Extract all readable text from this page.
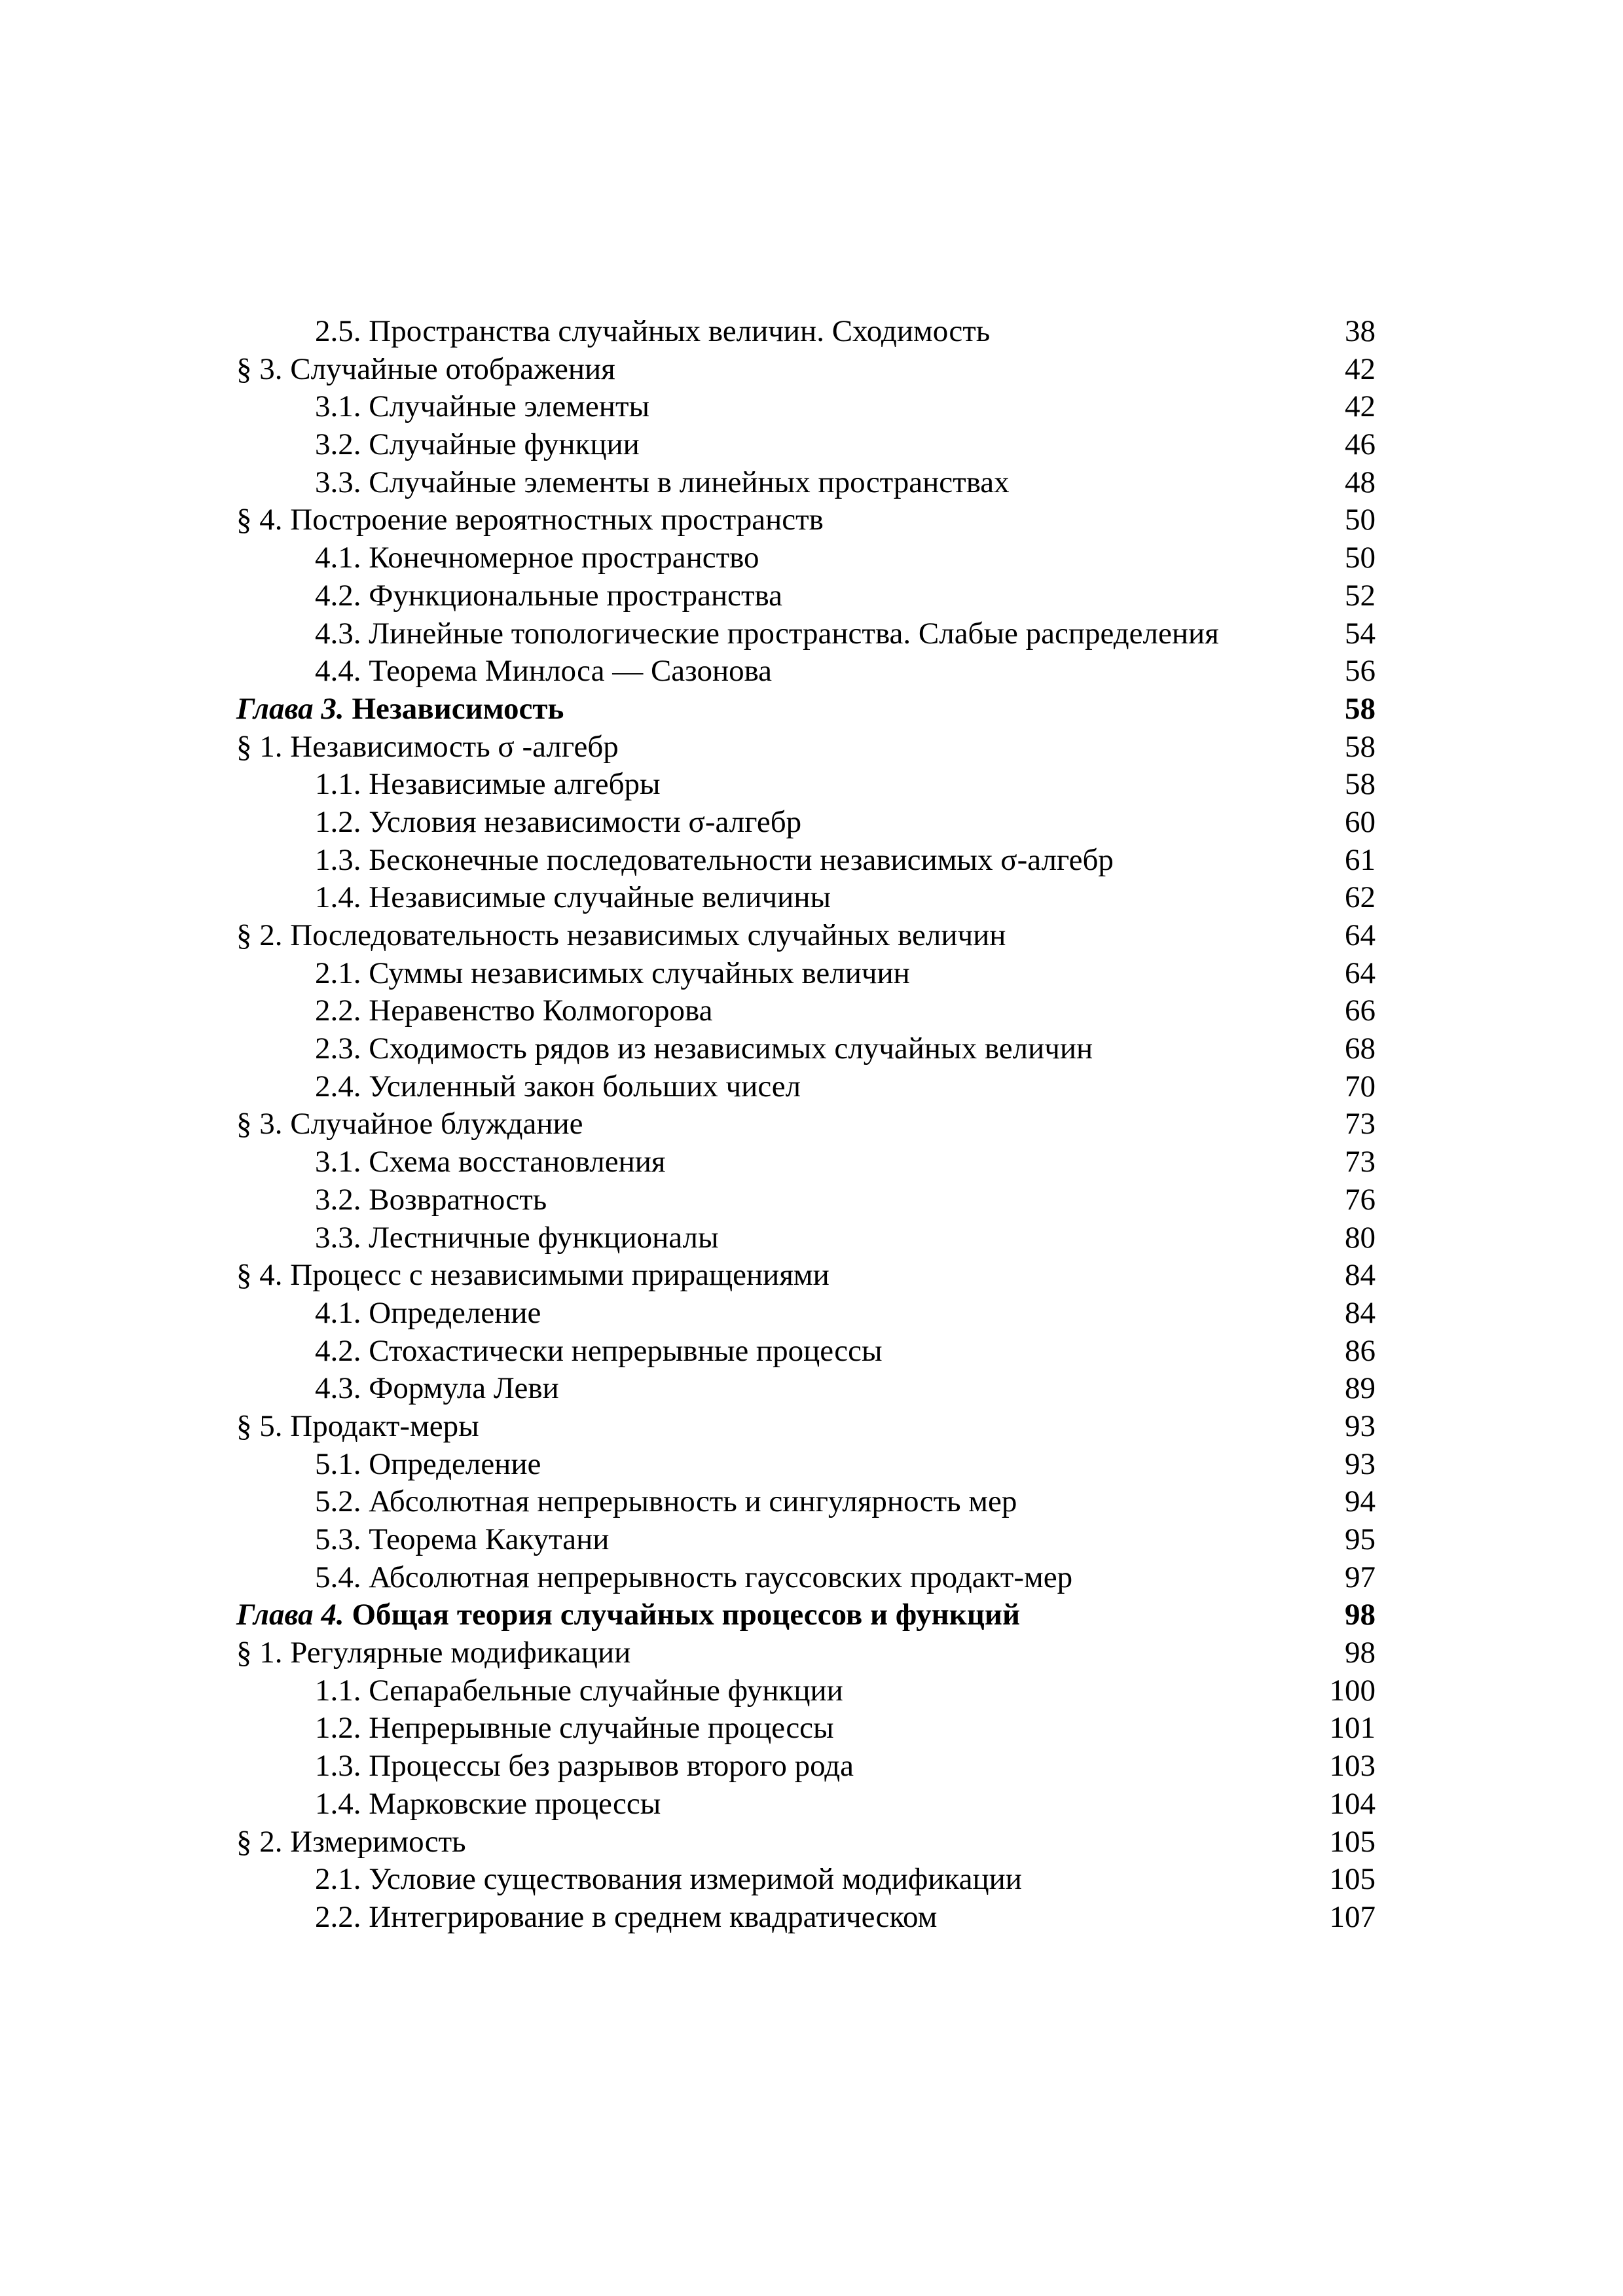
2.5. Пространства случайных величин. Сходимость	38
§ 3. Случайные отображения	42
3.1. Случайные элементы	42
3.2. Случайные функции	46
3.3. Случайные элементы в линейных пространствах	48
§ 4. Построение вероятностных пространств	50
4.1. Конечномерное пространство	50
4.2. Функциональные пространства	52
4.3. Линейные топологические пространства. Слабые распределения	54
4.4. Теорема Минлоса — Сазонова	56
Глава 3. Независимость	58
§ 1. Независимость σ -алгебр	58
1.1. Независимые алгебры	58
1.2. Условия независимости σ-алгебр	60
1.3. Бесконечные последовательности независимых σ-алгебр	61
1.4. Независимые случайные величины	62
§ 2. Последовательность независимых случайных величин	64
2.1. Суммы независимых случайных величин	64
2.2. Неравенство Колмогорова	66
2.3. Сходимость рядов из независимых случайных величин	68
2.4. Усиленный закон больших чисел	70
§ 3. Случайное блуждание	73
3.1. Схема восстановления	73
3.2. Возвратность	76
3.3. Лестничные функционалы	80
§ 4. Процесс с независимыми приращениями	84
4.1. Определение	84
4.2. Стохастически непрерывные процессы	86
4.3. Формула Леви	89
§ 5. Продакт-меры	93
5.1. Определение	93
5.2. Абсолютная непрерывность и сингулярность мер	94
5.3. Теорема Какутани	95
5.4. Абсолютная непрерывность гауссовских продакт-мер	97
Глава 4. Общая теория случайных процессов и функций	98
§ 1. Регулярные модификации	98
1.1. Сепарабельные случайные функции	100
1.2. Непрерывные случайные процессы	101
1.3. Процессы без разрывов второго рода	103
1.4. Марковские процессы	104
§ 2. Измеримость	105
2.1. Условие существования измеримой модификации	105
2.2. Интегрирование в среднем квадратическом	107
